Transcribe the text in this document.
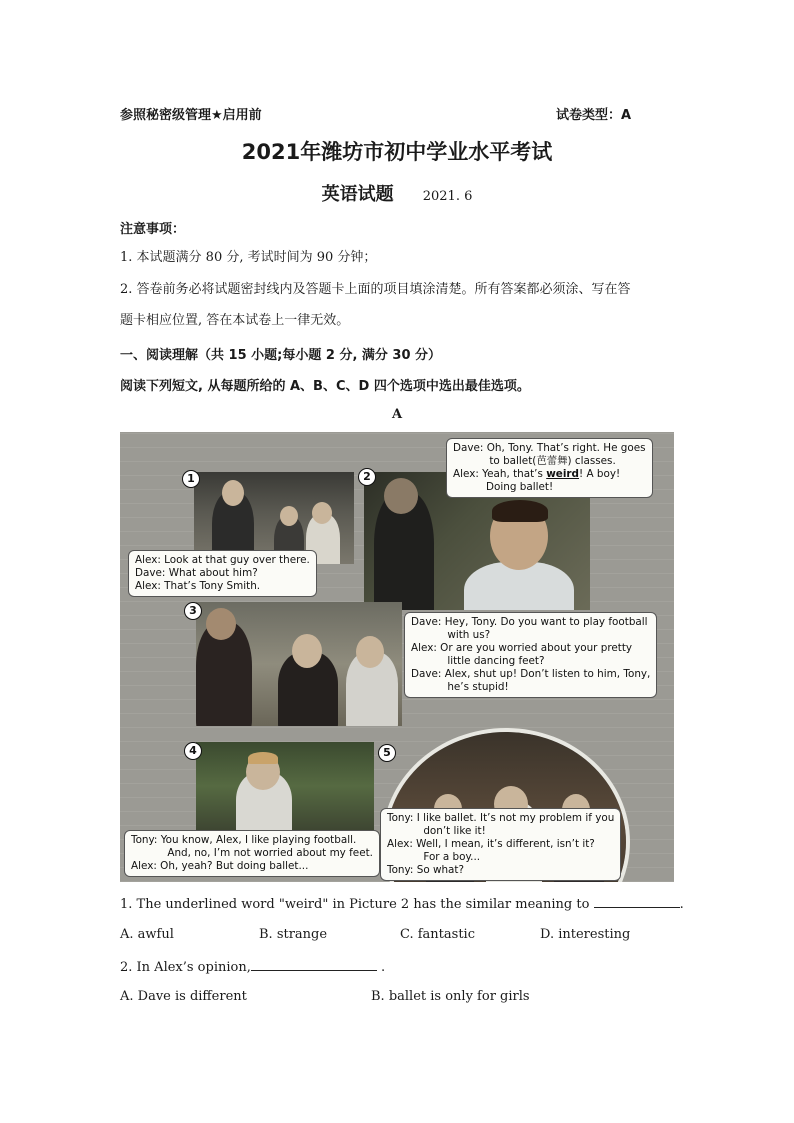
参照秘密级管理★启用前	试卷类型：A
2021年潍坊市初中学业水平考试
英语试题 2021. 6
注意事项：
1. 本试题满分 80 分, 考试时间为 90 分钟；
2. 答卷前务必将试题密封线内及答题卡上面的项目填涂清楚。所有答案都必须涂、写在答
题卡相应位置, 答在本试卷上一律无效。
一、阅读理解（共 15 小题;每小题 2 分, 满分 30 分）
阅读下列短文, 从每题所给的 A、B、C、D 四个选项中选出最佳选项。
A
1	2
3
4	5
Alex: Look at that guy over there.
Dave: What about him?
Alex: That’s Tony Smith.
Dave: Oh, Tony. That’s right. He goes
to ballet(芭蕾舞) classes.
Alex: Yeah, that’s weird! A boy!
Doing ballet!
Dave: Hey, Tony. Do you want to play football
with us?
Alex: Or are you worried about your pretty
little dancing feet?
Dave: Alex, shut up! Don’t listen to him, Tony,
he’s stupid!
Tony: You know, Alex, I like playing football.
And, no, I’m not worried about my feet.
Alex: Oh, yeah? But doing ballet...
Tony: I like ballet. It’s not my problem if you
don’t like it!
Alex: Well, I mean, it’s different, isn’t it?
For a boy...
Tony: So what?
1. The underlined word "weird" in Picture 2 has the similar meaning to	.
A. awful	B. strange	C. fantastic	D. interesting
2. In Alex’s opinion,	.
A. Dave is different	B. ballet is only for girls
